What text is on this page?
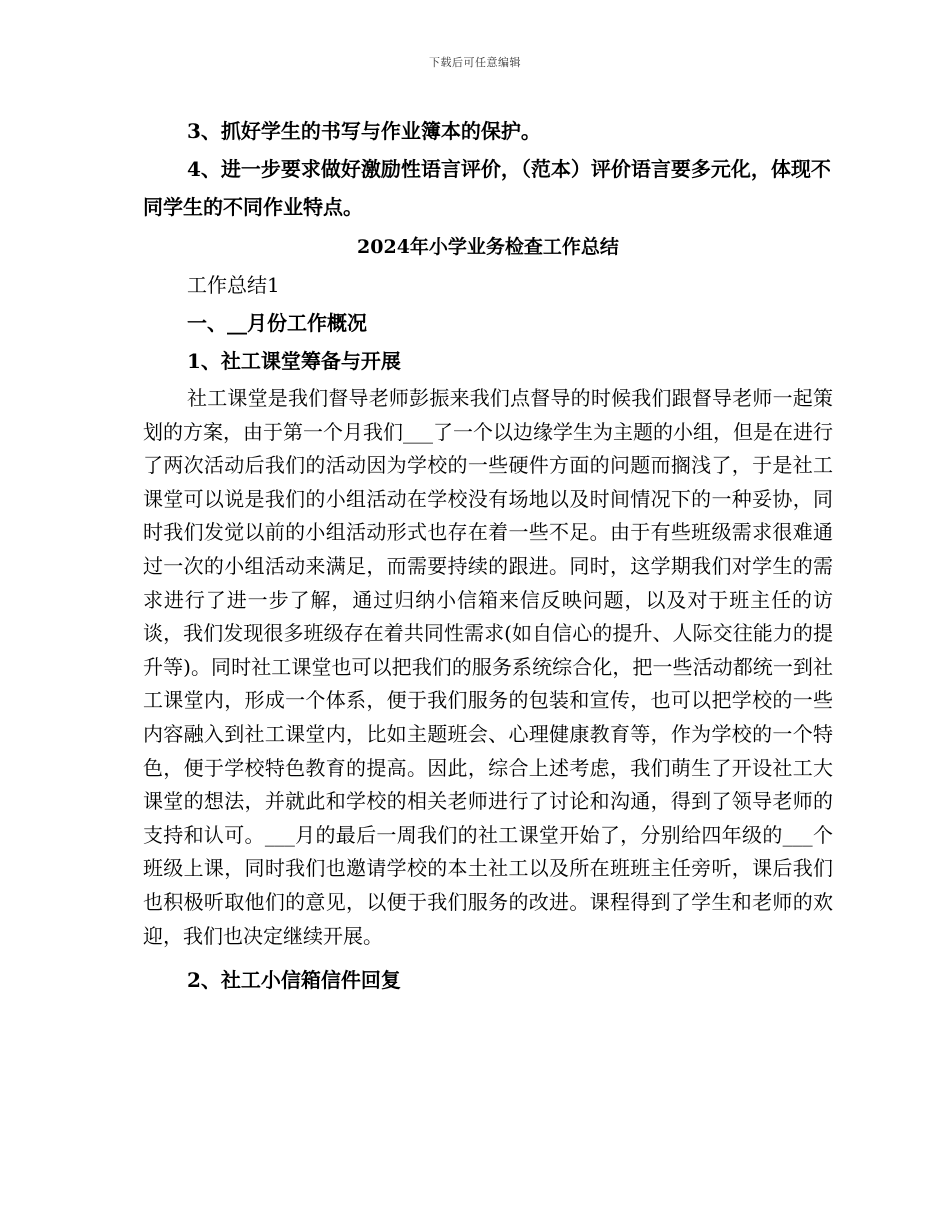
下载后可任意编辑

3、抓好学生的书写与作业簿本的保护。

4、进一步要求做好激励性语言评价，（范本）评价语言要多元化，体现不同学生的不同作业特点。

2024年小学业务检查工作总结

工作总结1

一、__月份工作概况

1、社工课堂筹备与开展

社工课堂是我们督导老师彭振来我们点督导的时候我们跟督导老师一起策划的方案，由于第一个月我们___了一个以边缘学生为主题的小组，但是在进行了两次活动后我们的活动因为学校的一些硬件方面的问题而搁浅了，于是社工课堂可以说是我们的小组活动在学校没有场地以及时间情况下的一种妥协，同时我们发觉以前的小组活动形式也存在着一些不足。由于有些班级需求很难通过一次的小组活动来满足，而需要持续的跟进。同时，这学期我们对学生的需求进行了进一步了解，通过归纳小信箱来信反映问题，以及对于班主任的访谈，我们发现很多班级存在着共同性需求(如自信心的提升、人际交往能力的提升等)。同时社工课堂也可以把我们的服务系统综合化，把一些活动都统一到社工课堂内，形成一个体系，便于我们服务的包装和宣传，也可以把学校的一些内容融入到社工课堂内，比如主题班会、心理健康教育等，作为学校的一个特色，便于学校特色教育的提高。因此，综合上述考虑，我们萌生了开设社工大课堂的想法，并就此和学校的相关老师进行了讨论和沟通，得到了领导老师的支持和认可。___月的最后一周我们的社工课堂开始了，分别给四年级的___个班级上课，同时我们也邀请学校的本土社工以及所在班班主任旁听，课后我们也积极听取他们的意见，以便于我们服务的改进。课程得到了学生和老师的欢迎，我们也决定继续开展。

2、社工小信箱信件回复
